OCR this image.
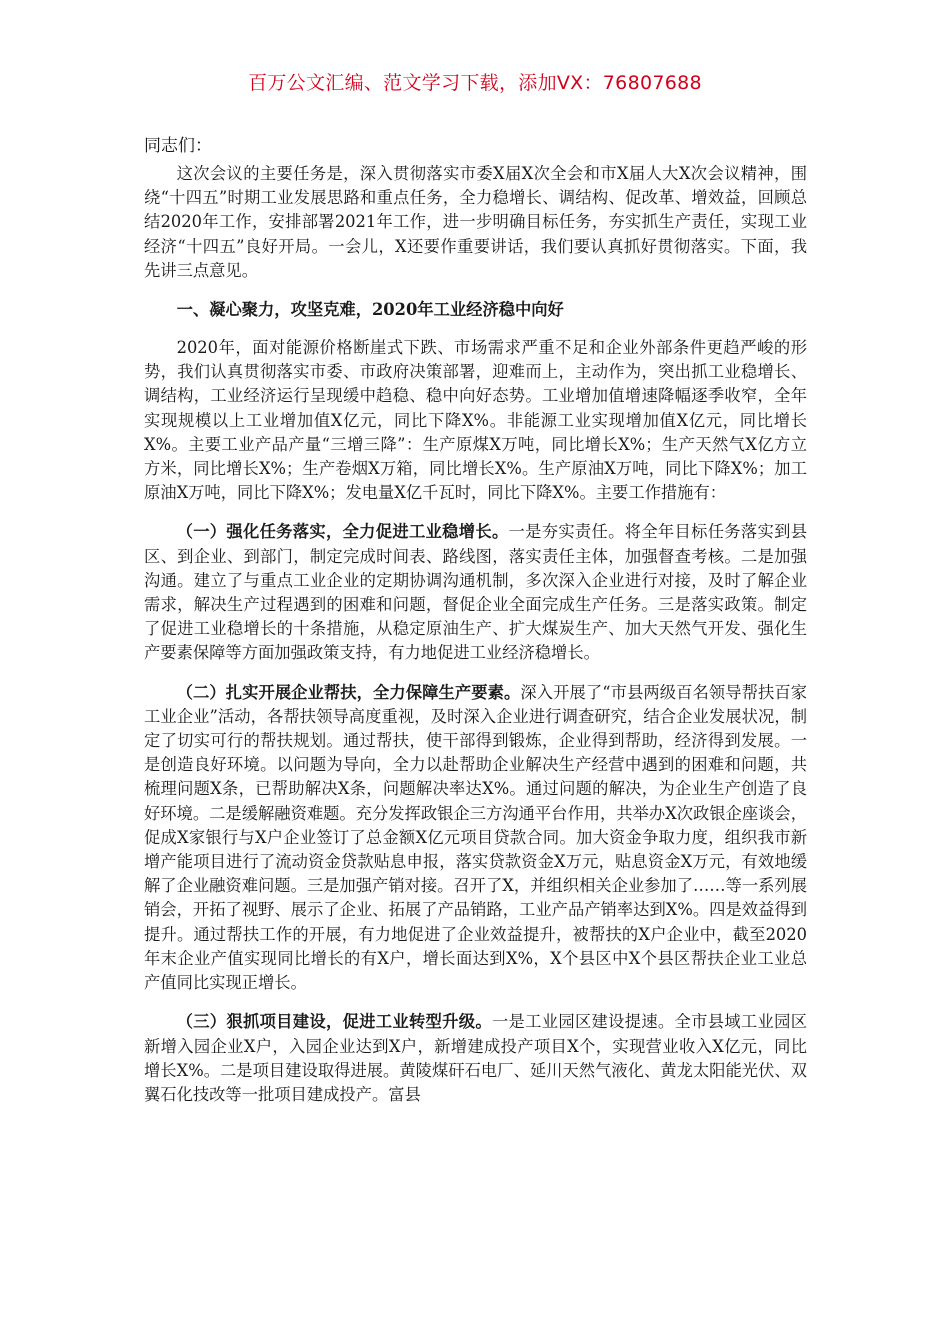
百万公文汇编、范文学习下载，添加VX：76807688
同志们：

这次会议的主要任务是，深入贯彻落实市委X届X次全会和市X届人大X次会议精神，围绕“十四五”时期工业发展思路和重点任务，全力稳增长、调结构、促改革、增效益，回顾总结2020年工作，安排部署2021年工作，进一步明确目标任务，夯实抓生产责任，实现工业经济“十四五”良好开局。一会儿，X还要作重要讲话，我们要认真抓好贯彻落实。下面，我先讲三点意见。

一、凝心聚力，攻坚克难，2020年工业经济稳中向好

2020年，面对能源价格断崖式下跌、市场需求严重不足和企业外部条件更趋严峻的形势，我们认真贯彻落实市委、市政府决策部署，迎难而上，主动作为，突出抓工业稳增长、调结构，工业经济运行呈现缓中趋稳、稳中向好态势。工业增加值增速降幅逐季收窄，全年实现规模以上工业增加值X亿元，同比下降X%。非能源工业实现增加值X亿元，同比增长X%。主要工业产品产量“三增三降”：生产原煤X万吨，同比增长X%；生产天然气X亿方立方米，同比增长X%；生产卷烟X万箱，同比增长X%。生产原油X万吨，同比下降X%；加工原油X万吨，同比下降X%；发电量X亿千瓦时，同比下降X%。主要工作措施有：

（一）强化任务落实，全力促进工业稳增长。一是夯实责任。将全年目标任务落实到县区、到企业、到部门，制定完成时间表、路线图，落实责任主体，加强督查考核。二是加强沟通。建立了与重点工业企业的定期协调沟通机制，多次深入企业进行对接，及时了解企业需求，解决生产过程遇到的困难和问题，督促企业全面完成生产任务。三是落实政策。制定了促进工业稳增长的十条措施，从稳定原油生产、扩大煤炭生产、加大天然气开发、强化生产要素保障等方面加强政策支持，有力地促进工业经济稳增长。

（二）扎实开展企业帮扶，全力保障生产要素。深入开展了“市县两级百名领导帮扶百家工业企业”活动，各帮扶领导高度重视，及时深入企业进行调查研究，结合企业发展状况，制定了切实可行的帮扶规划。通过帮扶，使干部得到锻炼，企业得到帮助，经济得到发展。一是创造良好环境。以问题为导向，全力以赴帮助企业解决生产经营中遇到的困难和问题，共梳理问题X条，已帮助解决X条，问题解决率达X%。通过问题的解决，为企业生产创造了良好环境。二是缓解融资难题。充分发挥政银企三方沟通平台作用，共举办X次政银企座谈会，促成X家银行与X户企业签订了总金额X亿元项目贷款合同。加大资金争取力度，组织我市新增产能项目进行了流动资金贷款贴息申报，落实贷款资金X万元，贴息资金X万元，有效地缓解了企业融资难问题。三是加强产销对接。召开了X，并组织相关企业参加了……等一系列展销会，开拓了视野、展示了企业、拓展了产品销路，工业产品产销率达到X%。四是效益得到提升。通过帮扶工作的开展，有力地促进了企业效益提升，被帮扶的X户企业中，截至2020年末企业产值实现同比增长的有X户，增长面达到X%，X个县区中X个县区帮扶企业工业总产值同比实现正增长。

（三）狠抓项目建设，促进工业转型升级。一是工业园区建设提速。全市县域工业园区新增入园企业X户，入园企业达到X户，新增建成投产项目X个，实现营业收入X亿元，同比增长X%。二是项目建设取得进展。黄陵煤矸石电厂、延川天然气液化、黄龙太阳能光伏、双翼石化技改等一批项目建成投产。富县
